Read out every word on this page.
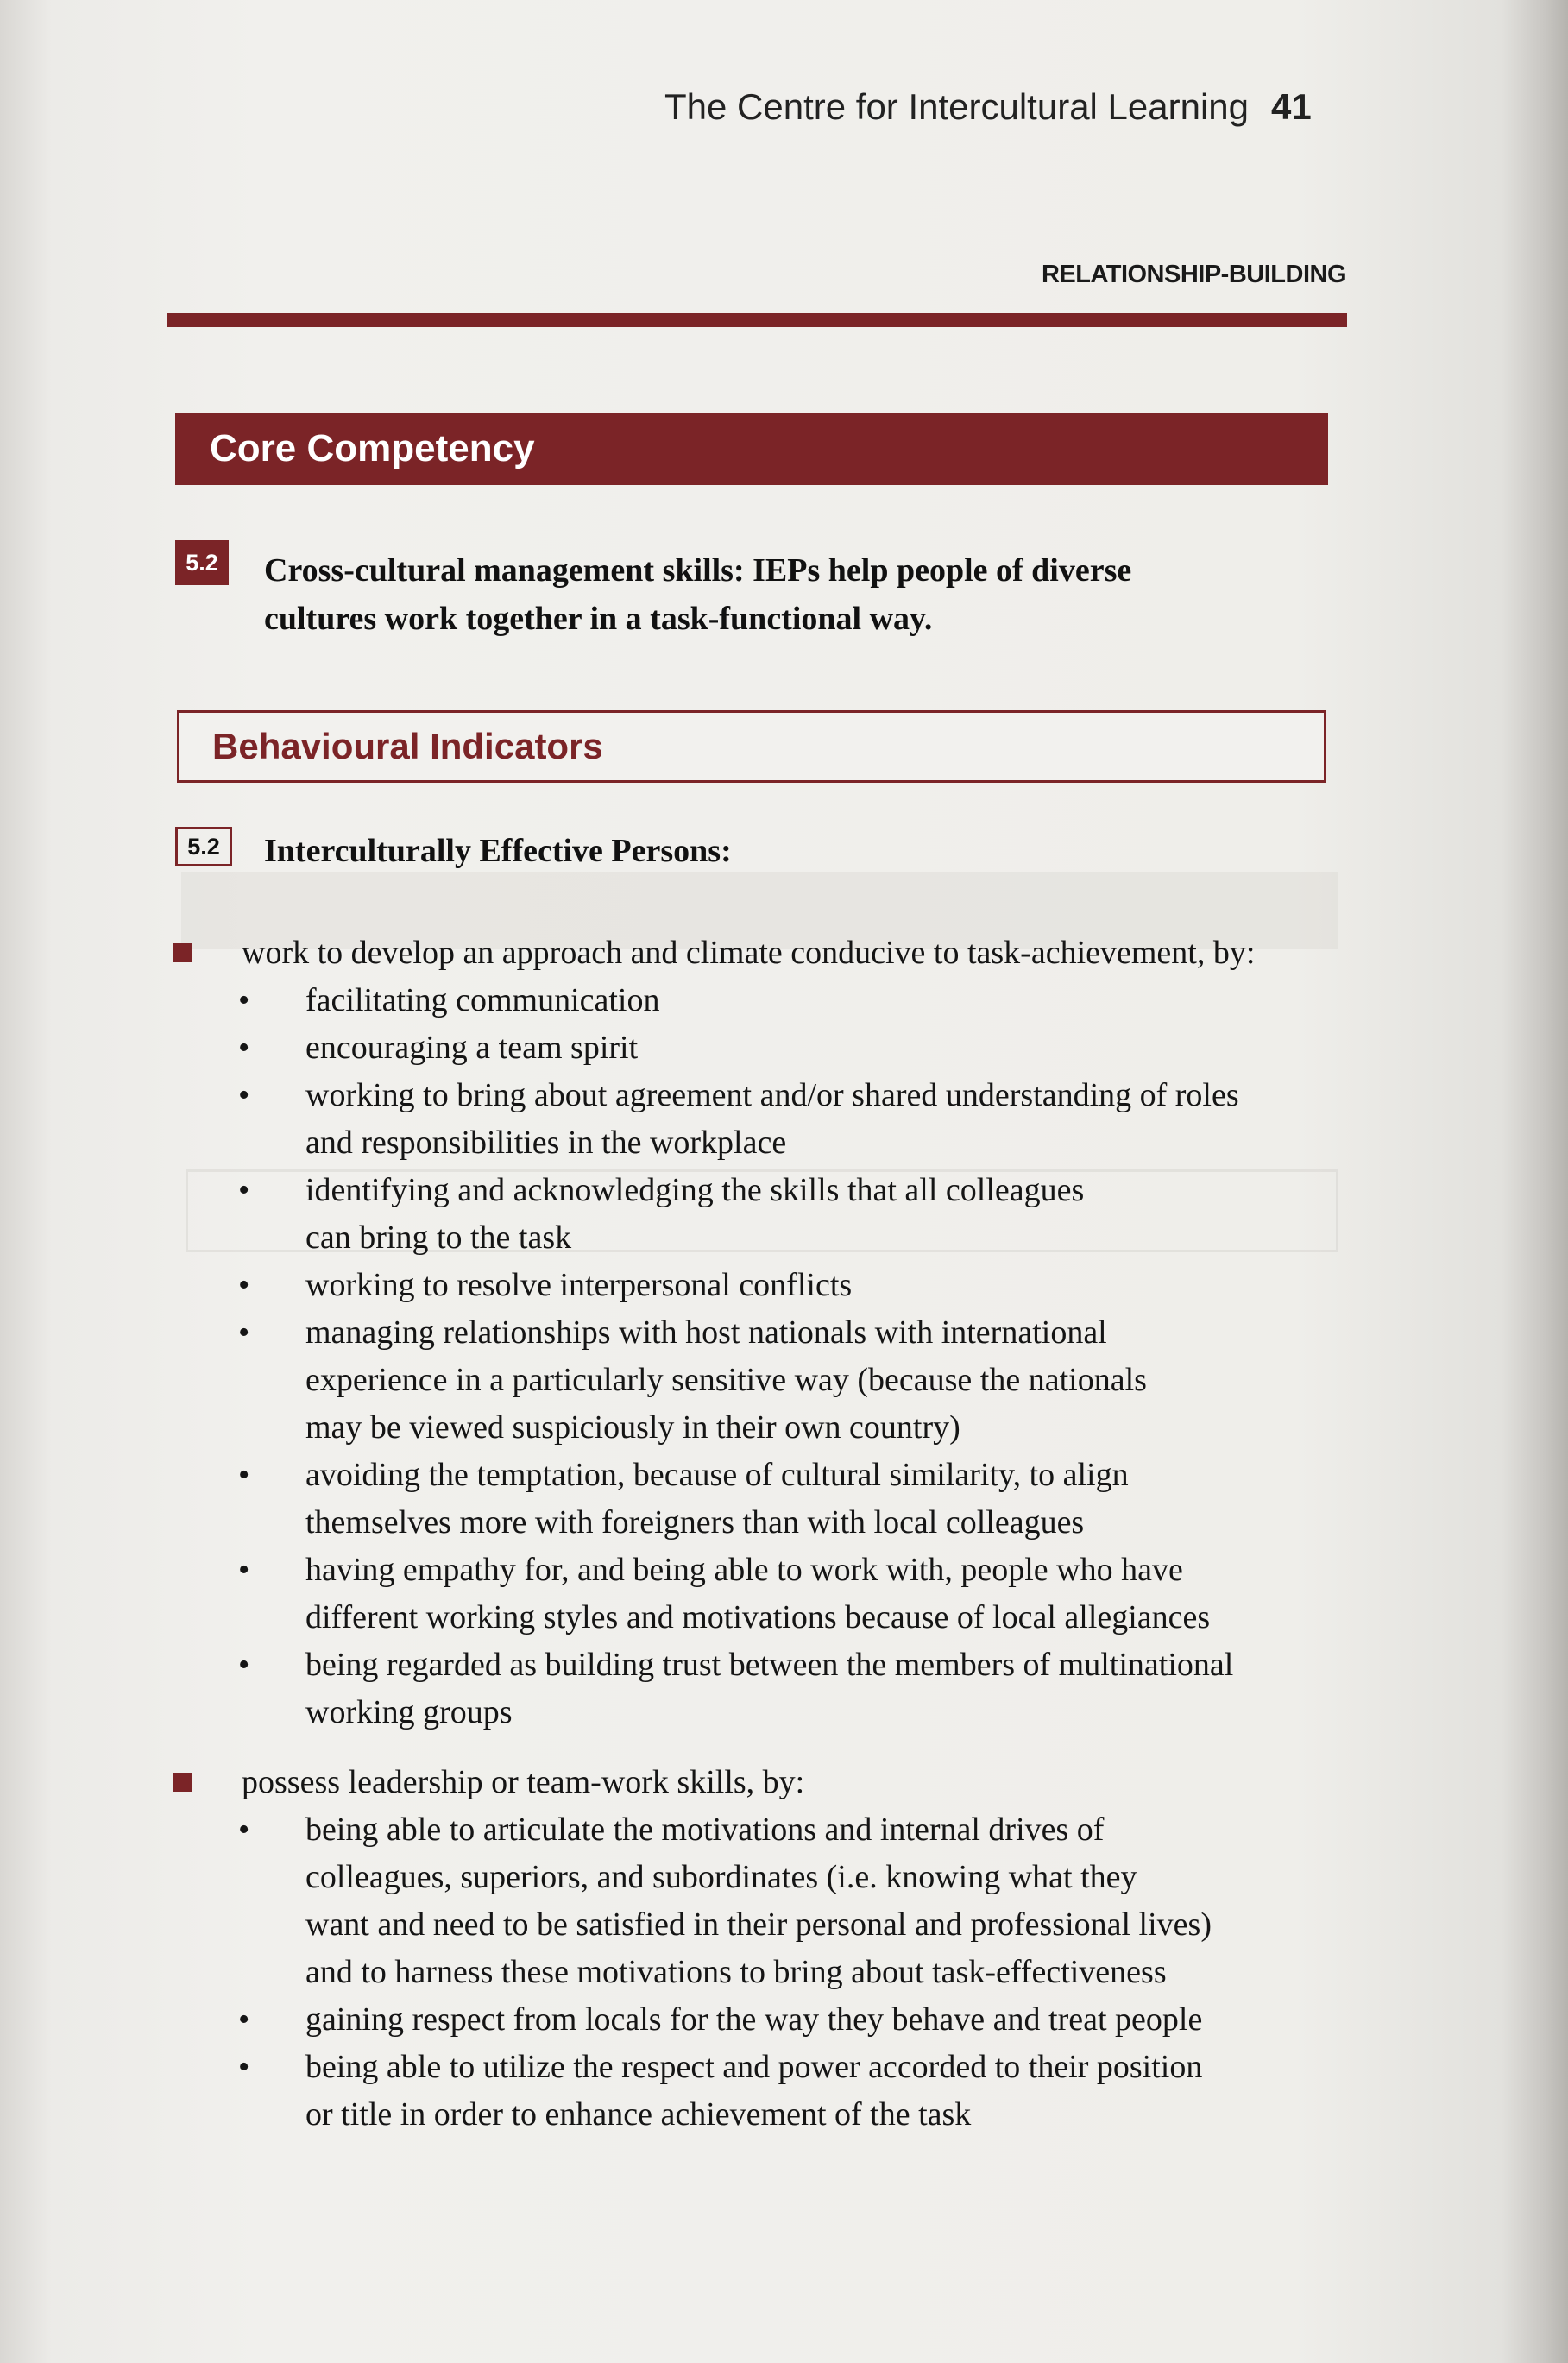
The Centre for Intercultural Learning 41
RELATIONSHIP-BUILDING
Core Competency
5.2	Cross-cultural management skills: IEPs help people of diverse
cultures work together in a task-functional way.
Behavioural Indicators
5.2	Interculturally Effective Persons:
work to develop an approach and climate conducive to task-achievement, by:
• facilitating communication
• encouraging a team spirit
• working to bring about agreement and/or shared understanding of roles
and responsibilities in the workplace
• identifying and acknowledging the skills that all colleagues
can bring to the task
• working to resolve interpersonal conflicts
• managing relationships with host nationals with international
experience in a particularly sensitive way (because the nationals
may be viewed suspiciously in their own country)
• avoiding the temptation, because of cultural similarity, to align
themselves more with foreigners than with local colleagues
• having empathy for, and being able to work with, people who have
different working styles and motivations because of local allegiances
• being regarded as building trust between the members of multinational
working groups
possess leadership or team-work skills, by:
• being able to articulate the motivations and internal drives of
colleagues, superiors, and subordinates (i.e. knowing what they
want and need to be satisfied in their personal and professional lives)
and to harness these motivations to bring about task-effectiveness
• gaining respect from locals for the way they behave and treat people
• being able to utilize the respect and power accorded to their position
or title in order to enhance achievement of the task
